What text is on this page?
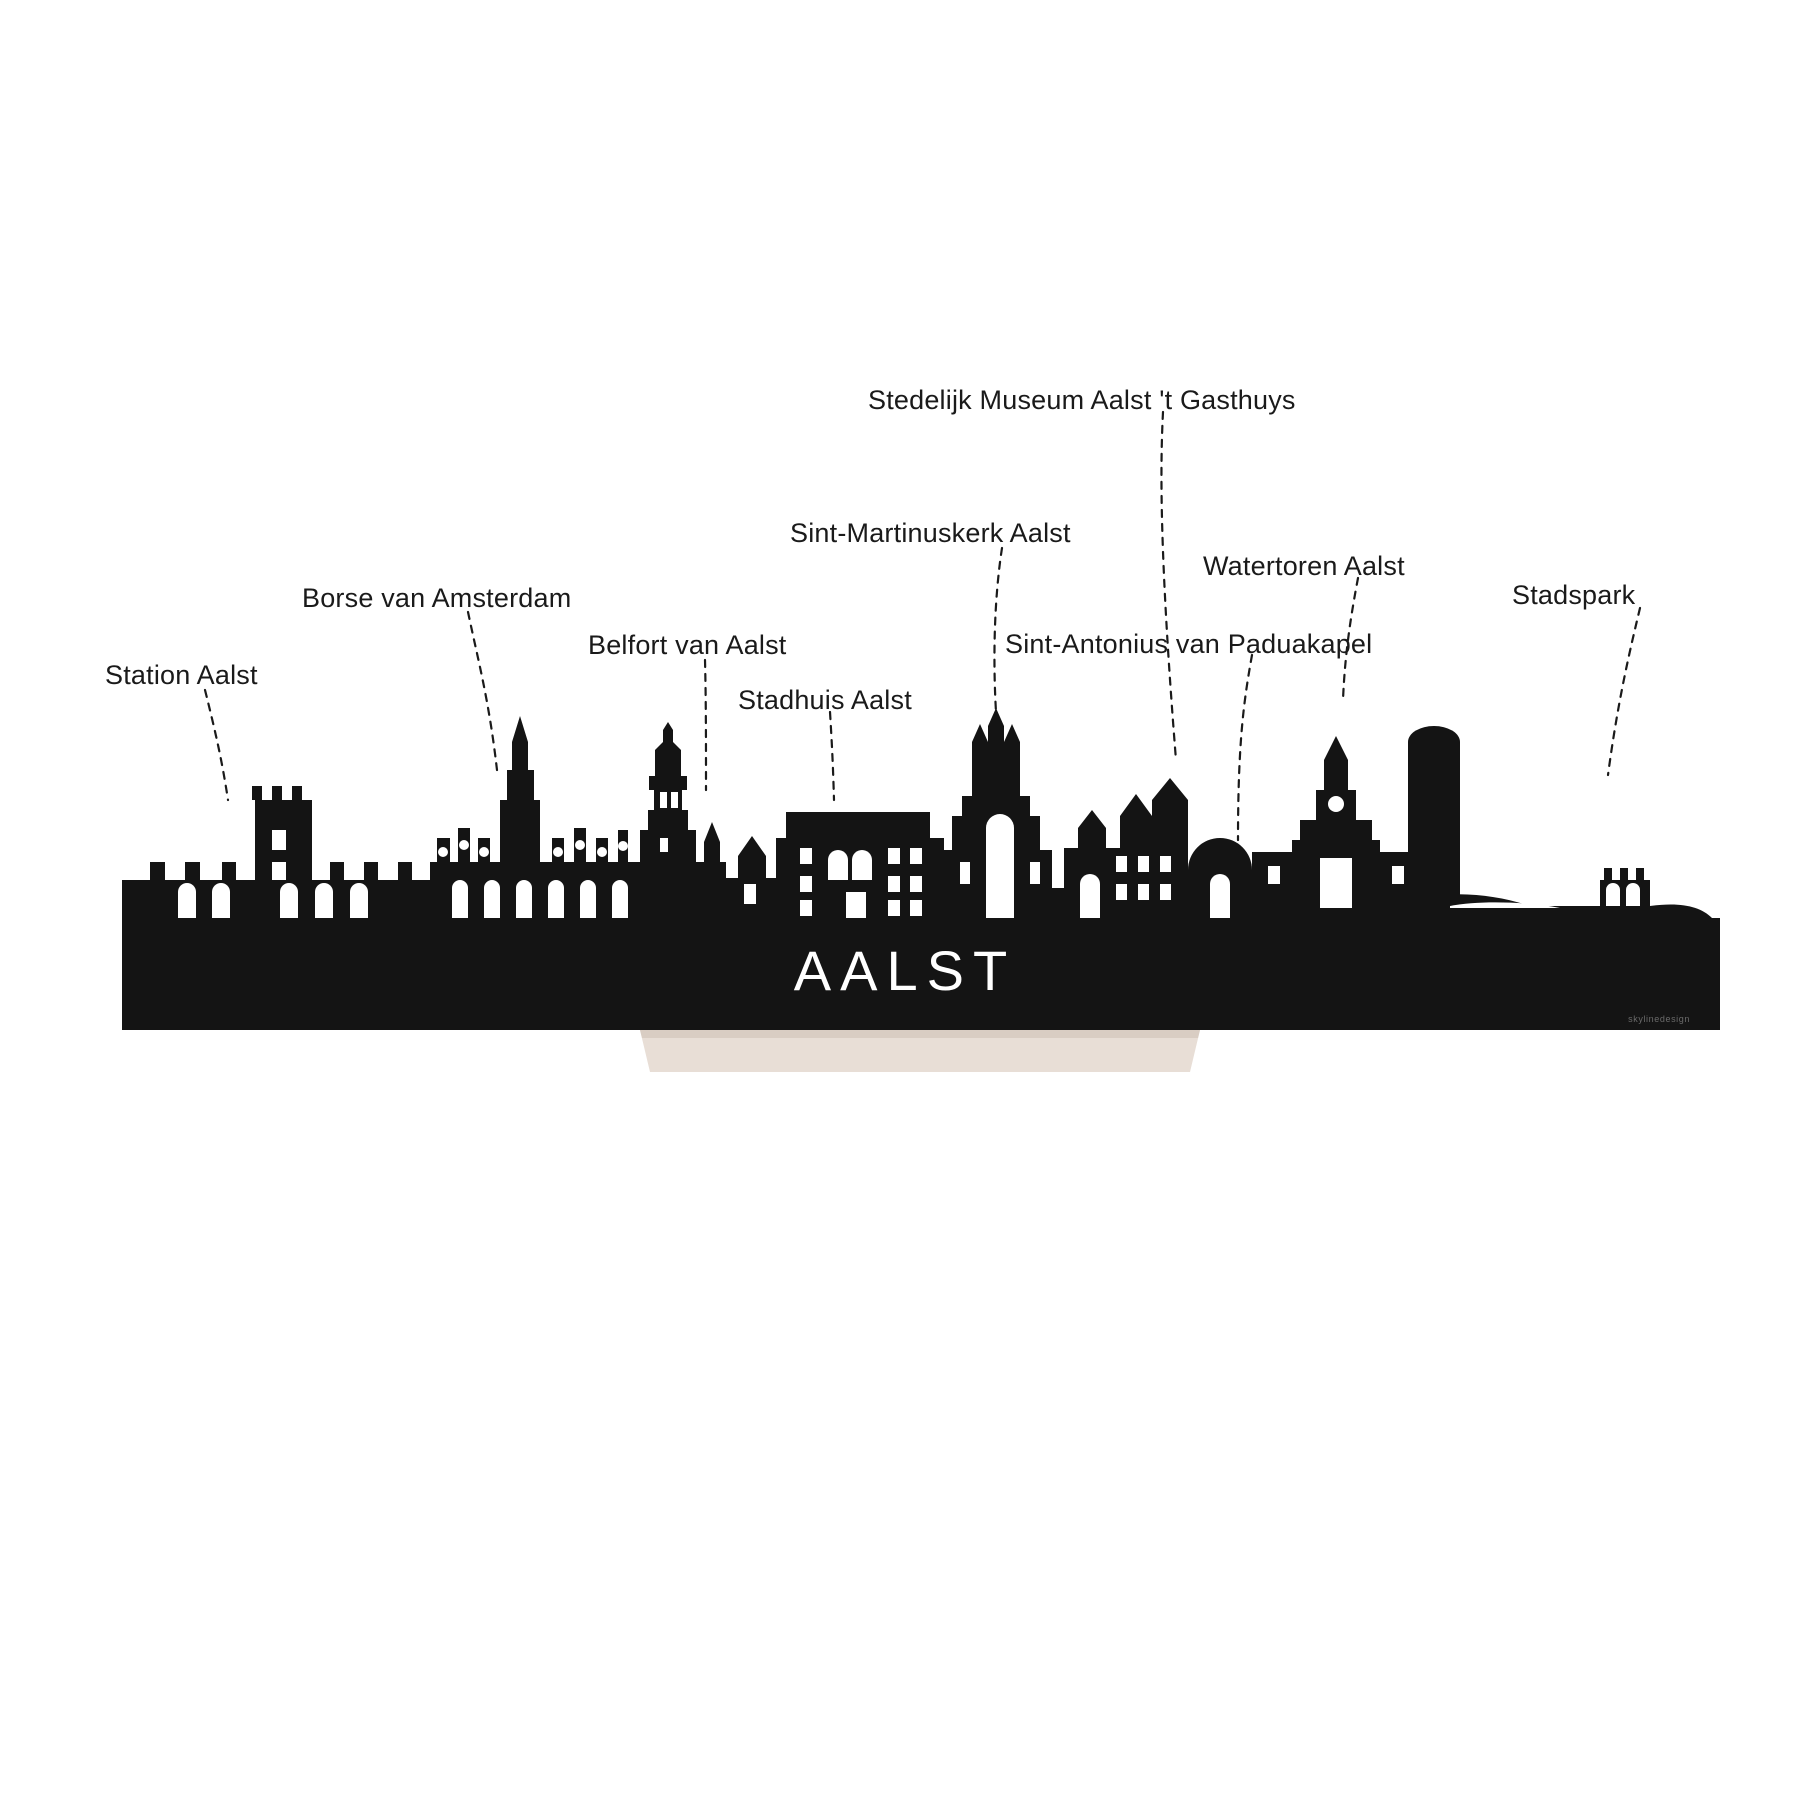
AALST
skylinedesign
Station Aalst
Borse van Amsterdam
Belfort van Aalst
Stadhuis Aalst
Sint-Martinuskerk Aalst
Stedelijk Museum Aalst 't Gasthuys
Watertoren Aalst
Sint-Antonius van Paduakapel
Stadspark
